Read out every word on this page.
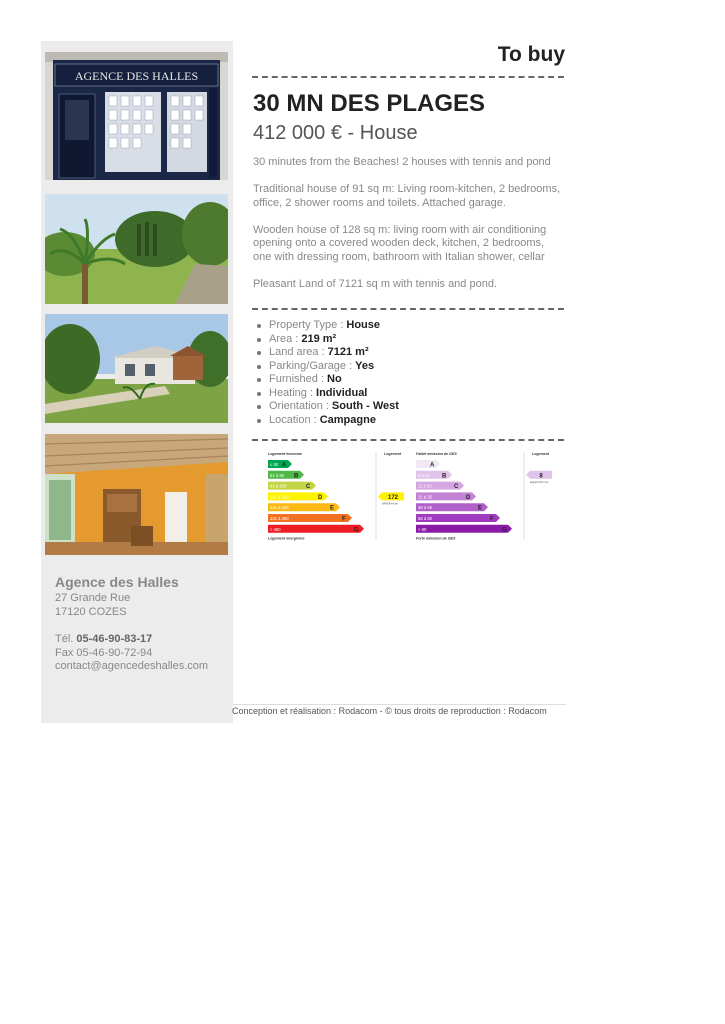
AGENCE DES HALLES
Agence des Halles
27 Grande Rue
17120 COZES
Tél. 05-46-90-83-17
Fax 05-46-90-72-94
contact@agencedeshalles.com
To buy
30 MN DES PLAGES
412 000 € - House

30 minutes from the Beaches! 2 houses with tennis and pond

Traditional house of 91 sq m: Living room-kitchen, 2 bedrooms, office, 2 shower rooms and toilets. Attached garage.

Wooden house of 128 sq m: living room with air conditioning opening onto a covered wooden deck, kitchen, 2 bedrooms, one with dressing room, bathroom with Italian shower, cellar

Pleasant Land of 7121 sq m with tennis and pond.

Property Type : House
Area : 219 m²
Land area : 7121 m²
Parking/Garage : Yes
Furnished : No
Heating : Individual
Orientation : South - West
Location : Campagne
Logement économe	Logement
≤ 50 A
51 à 90 B
91 à 150	C
151 à 230	D
231 à 330	E
331 à 450	F
> 450	G
172
kWhEP/m².an
Logement énergivore
Faible émission de GES	Logement
≤ 5 A
6 à 10 B
11 à 20	C
21 à 35	D
36 à 55	E
56 à 80	F
> 80	G
8
kgéqCO2/m².an
Forte émission de GES
Conception et réalisation : Rodacom - © tous droits de reproduction : Rodacom
